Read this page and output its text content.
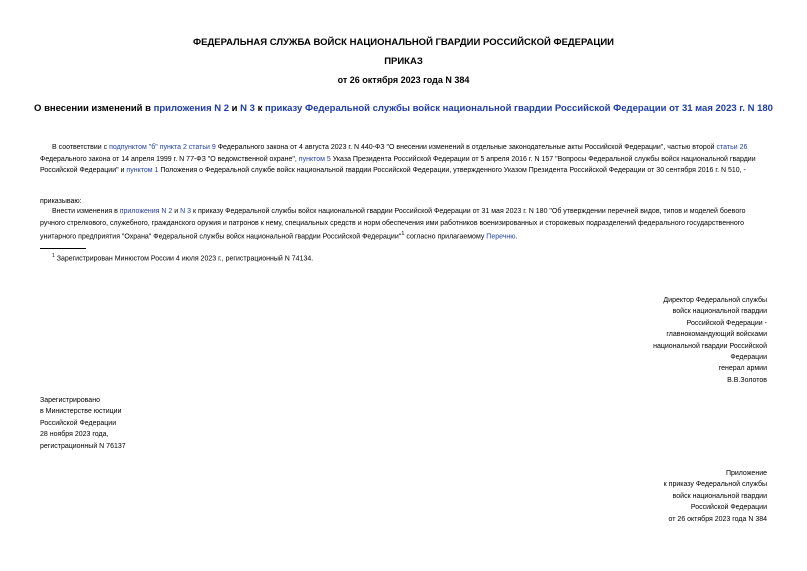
ФЕДЕРАЛЬНАЯ СЛУЖБА ВОЙСК НАЦИОНАЛЬНОЙ ГВАРДИИ РОССИЙСКОЙ ФЕДЕРАЦИИ
ПРИКАЗ
от 26 октября 2023 года N 384
О внесении изменений в приложения N 2 и N 3 к приказу Федеральной службы войск национальной гвардии Российской Федерации от 31 мая 2023 г. N 180
В соответствии с подпунктом "б" пункта 2 статьи 9 Федерального закона от 4 августа 2023 г. N 440-ФЗ "О внесении изменений в отдельные законодательные акты Российской Федерации", частью второй статьи 26 Федерального закона от 14 апреля 1999 г. N 77-ФЗ "О ведомственной охране", пунктом 5 Указа Президента Российской Федерации от 5 апреля 2016 г. N 157 "Вопросы Федеральной службы войск национальной гвардии Российской Федерации" и пунктом 1 Положения о Федеральной службе войск национальной гвардии Российской Федерации, утвержденного Указом Президента Российской Федерации от 30 сентября 2016 г. N 510, -
приказываю:
Внести изменения в приложения N 2 и N 3 к приказу Федеральной службы войск национальной гвардии Российской Федерации от 31 мая 2023 г. N 180 "Об утверждении перечней видов, типов и моделей боевого ручного стрелкового, служебного, гражданского оружия и патронов к нему, специальных средств и норм обеспечения ими работников военизированных и сторожевых подразделений федерального государственного унитарного предприятия "Охрана" Федеральной службы войск национальной гвардии Российской Федерации"$^1$ согласно прилагаемому Перечню.
$^1$ Зарегистрирован Минюстом России 4 июля 2023 г., регистрационный N 74134.
Директор Федеральной службы
войск национальной гвардии
Российской Федерации -
главнокомандующий войсками
национальной гвардии Российской
Федерации
генерал армии
В.В.Золотов
Зарегистрировано
в Министерстве юстиции
Российской Федерации
28 ноября 2023 года,
регистрационный N 76137
Приложение
к приказу Федеральной службы
войск национальной гвардии
Российской Федерации
от 26 октября 2023 года N 384
